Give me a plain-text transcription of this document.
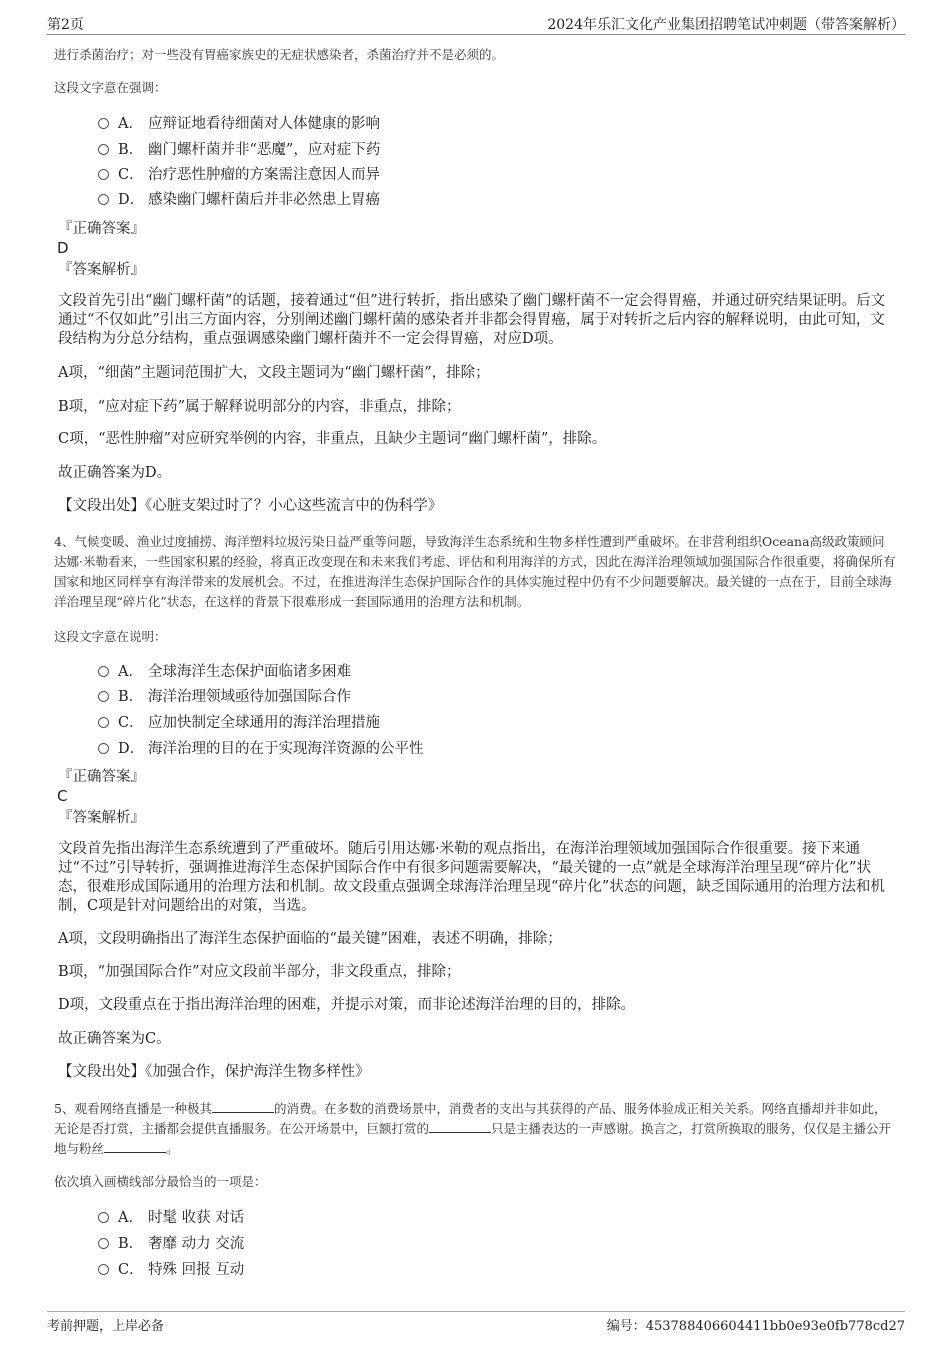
第2页	2024年乐汇文化产业集团招聘笔试冲刺题（带答案解析）
进行杀菌治疗；对一些没有胃癌家族史的无症状感染者，杀菌治疗并不是必须的。
这段文字意在强调：
A． 应辩证地看待细菌对人体健康的影响
B． 幽门螺杆菌并非“恶魔”，应对症下药
C． 治疗恶性肿瘤的方案需注意因人而异
D． 感染幽门螺杆菌后并非必然患上胃癌
『正确答案』
D
『答案解析』
文段首先引出“幽门螺杆菌”的话题，接着通过“但”进行转折，指出感染了幽门螺杆菌不一定会得胃癌，并通过研究结果证明。后文通过“不仅如此”引出三方面内容，分别阐述幽门螺杆菌的感染者并非都会得胃癌，属于对转折之后内容的解释说明，由此可知，文段结构为分总分结构，重点强调感染幽门螺杆菌并不一定会得胃癌，对应D项。
A项，“细菌”主题词范围扩大，文段主题词为“幽门螺杆菌”，排除；
B项，“应对症下药”属于解释说明部分的内容，非重点，排除；
C项，“恶性肿瘤”对应研究举例的内容，非重点，且缺少主题词“幽门螺杆菌”，排除。
故正确答案为D。
【文段出处】《心脏支架过时了？小心这些流言中的伪科学》
4、气候变暖、渔业过度捕捞、海洋塑料垃圾污染日益严重等问题，导致海洋生态系统和生物多样性遭到严重破坏。在非营利组织Oceana高级政策顾问达娜·米勒看来，一些国家积累的经验，将真正改变现在和未来我们考虑、评估和利用海洋的方式，因此在海洋治理领域加强国际合作很重要，将确保所有国家和地区同样享有海洋带来的发展机会。不过，在推进海洋生态保护国际合作的具体实施过程中仍有不少问题要解决。最关键的一点在于，目前全球海洋治理呈现“碎片化”状态，在这样的背景下很难形成一套国际通用的治理方法和机制。
这段文字意在说明：
A． 全球海洋生态保护面临诸多困难
B． 海洋治理领域亟待加强国际合作
C． 应加快制定全球通用的海洋治理措施
D． 海洋治理的目的在于实现海洋资源的公平性
『正确答案』
C
『答案解析』
文段首先指出海洋生态系统遭到了严重破坏。随后引用达娜·米勒的观点指出，在海洋治理领域加强国际合作很重要。接下来通过“不过”引导转折，强调推进海洋生态保护国际合作中有很多问题需要解决，“最关键的一点”就是全球海洋治理呈现“碎片化”状态，很难形成国际通用的治理方法和机制。故文段重点强调全球海洋治理呈现“碎片化”状态的问题，缺乏国际通用的治理方法和机制，C项是针对问题给出的对策，当选。
A项，文段明确指出了海洋生态保护面临的“最关键”困难，表述不明确，排除；
B项，“加强国际合作”对应文段前半部分，非文段重点，排除；
D项，文段重点在于指出海洋治理的困难，并提示对策，而非论述海洋治理的目的，排除。
故正确答案为C。
【文段出处】《加强合作，保护海洋生物多样性》
5、观看网络直播是一种极其	的消费。在多数的消费场景中，消费者的支出与其获得的产品、服务体验成正相关关系。网络直播却并非如此，无论是否打赏，主播都会提供直播服务。在公开场景中，巨额打赏的	只是主播表达的一声感谢。换言之，打赏所换取的服务，仅仅是主播公开地与粉丝	。
依次填入画横线部分最恰当的一项是：
A． 时髦 收获 对话
B． 奢靡 动力 交流
C． 特殊 回报 互动
考前押题，上岸必备	编号：453788406604411bb0e93e0fb778cd27
